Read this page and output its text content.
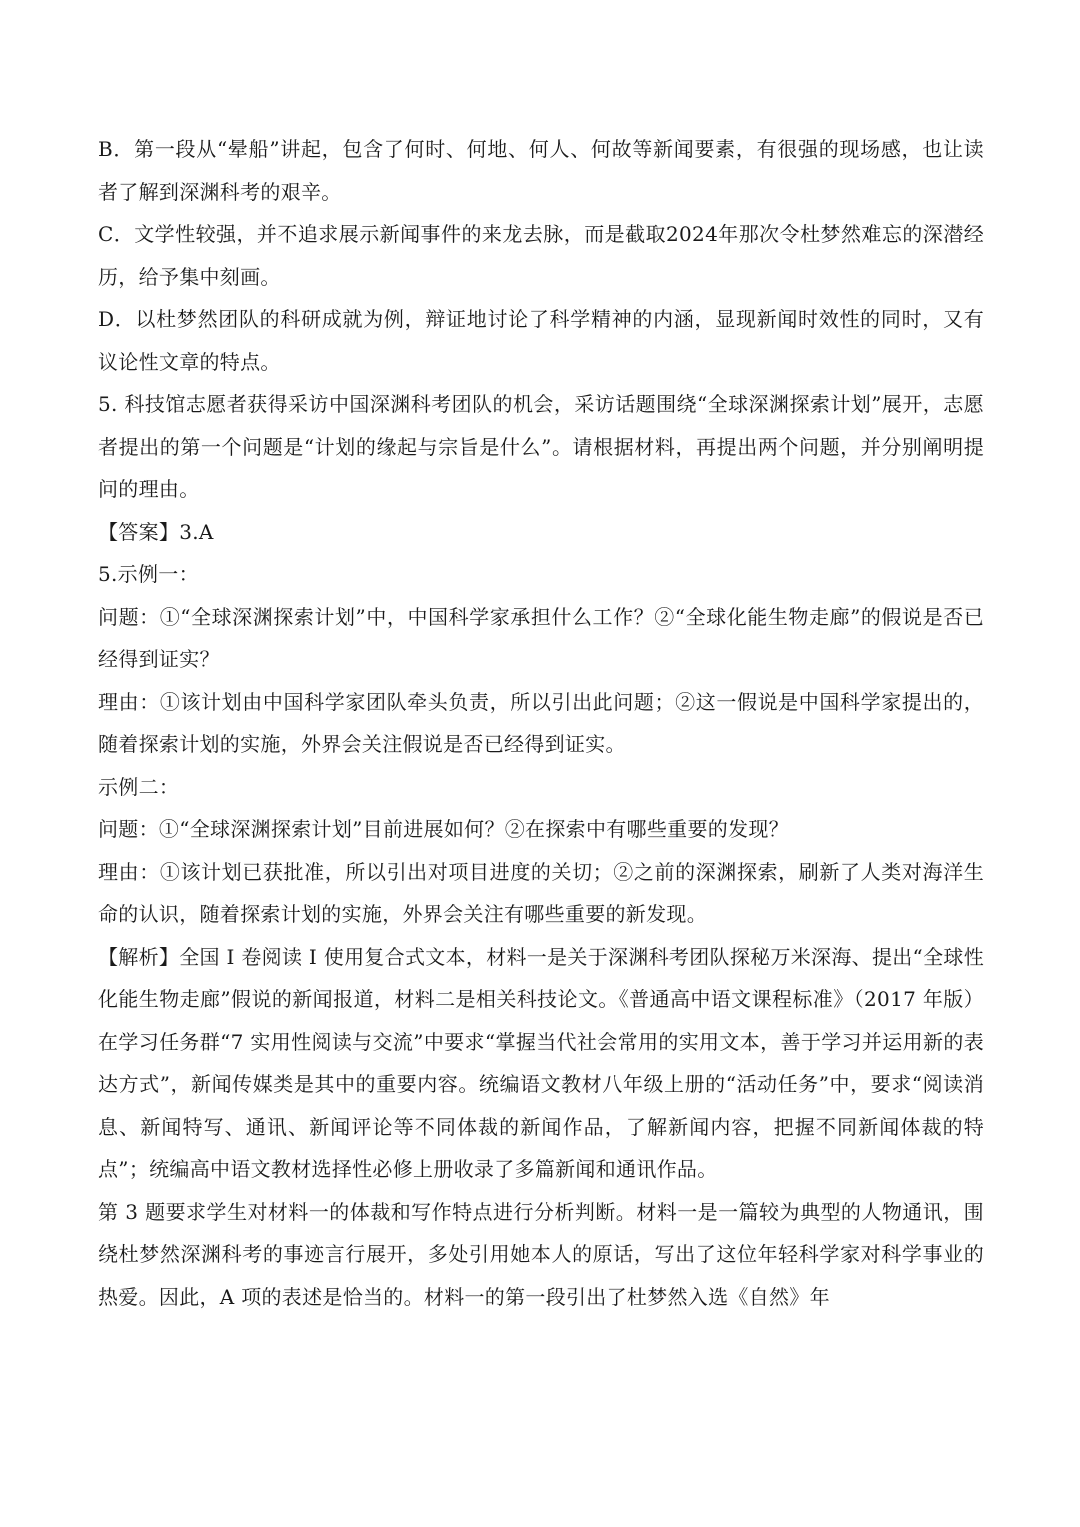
B．第一段从“晕船”讲起，包含了何时、何地、何人、何故等新闻要素，有很强的现场感，也让读者了解到深渊科考的艰辛。

C．文学性较强，并不追求展示新闻事件的来龙去脉，而是截取2024年那次令杜梦然难忘的深潜经历，给予集中刻画。

D．以杜梦然团队的科研成就为例，辩证地讨论了科学精神的内涵，显现新闻时效性的同时，又有议论性文章的特点。

5. 科技馆志愿者获得采访中国深渊科考团队的机会，采访话题围绕“全球深渊探索计划”展开，志愿者提出的第一个问题是“计划的缘起与宗旨是什么”。请根据材料，再提出两个问题，并分别阐明提问的理由。

【答案】3.A

5.示例一：

问题：①“全球深渊探索计划”中，中国科学家承担什么工作？②“全球化能生物走廊”的假说是否已经得到证实？

理由：①该计划由中国科学家团队牵头负责，所以引出此问题；②这一假说是中国科学家提出的，随着探索计划的实施，外界会关注假说是否已经得到证实。

示例二：

问题：①“全球深渊探索计划”目前进展如何？②在探索中有哪些重要的发现？

理由：①该计划已获批准，所以引出对项目进度的关切；②之前的深渊探索，刷新了人类对海洋生命的认识，随着探索计划的实施，外界会关注有哪些重要的新发现。

【解析】全国 I 卷阅读 I 使用复合式文本，材料一是关于深渊科考团队探秘万米深海、提出“全球性化能生物走廊”假说的新闻报道，材料二是相关科技论文。《普通高中语文课程标准》（2017 年版）在学习任务群“7 实用性阅读与交流”中要求“掌握当代社会常用的实用文本，善于学习并运用新的表达方式”，新闻传媒类是其中的重要内容。统编语文教材八年级上册的“活动任务”中，要求“阅读消息、新闻特写、通讯、新闻评论等不同体裁的新闻作品，了解新闻内容，把握不同新闻体裁的特点”；统编高中语文教材选择性必修上册收录了多篇新闻和通讯作品。

第 3 题要求学生对材料一的体裁和写作特点进行分析判断。材料一是一篇较为典型的人物通讯，围绕杜梦然深渊科考的事迹言行展开，多处引用她本人的原话，写出了这位年轻科学家对科学事业的热爱。因此，A 项的表述是恰当的。材料一的第一段引出了杜梦然入选《自然》年
